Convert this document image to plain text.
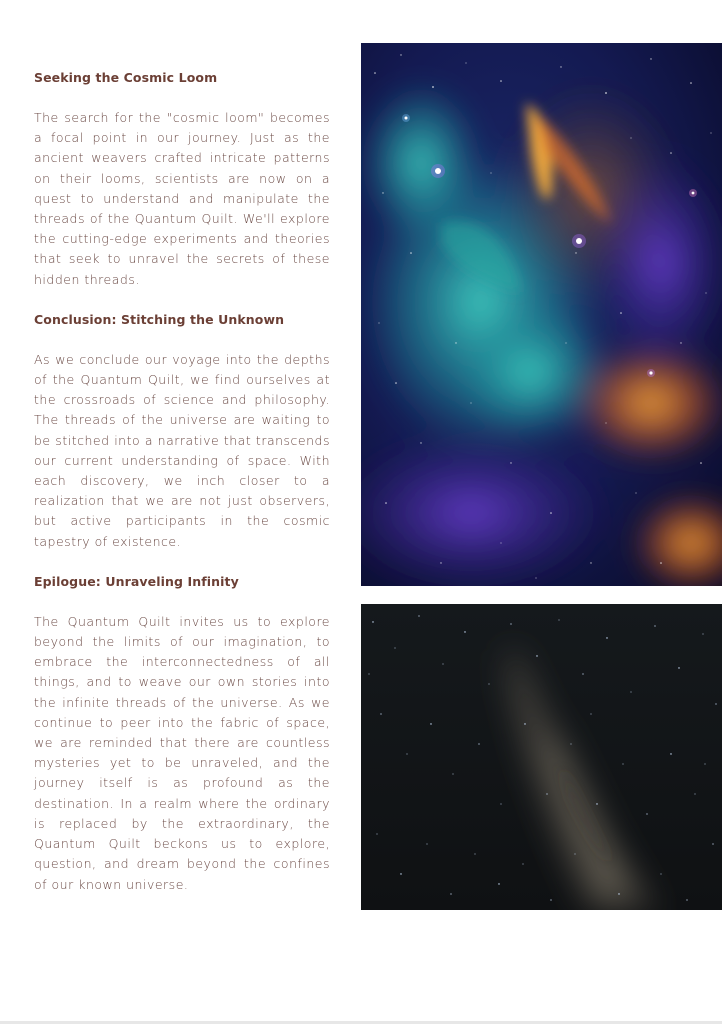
Seeking the Cosmic Loom

The search for the "cosmic loom" becomes a focal point in our journey. Just as the ancient weavers crafted intricate patterns on their looms, scientists are now on a quest to understand and manipulate the threads of the Quantum Quilt. We'll explore the cutting-edge experiments and theories that seek to unravel the secrets of these hidden threads.

Conclusion: Stitching the Unknown

As we conclude our voyage into the depths of the Quantum Quilt, we find ourselves at the crossroads of science and philosophy. The threads of the universe are waiting to be stitched into a narrative that transcends our current understanding of space. With each discovery, we inch closer to a realization that we are not just observers, but active participants in the cosmic tapestry of existence.

Epilogue: Unraveling Infinity

The Quantum Quilt invites us to explore beyond the limits of our imagination, to embrace the interconnectedness of all things, and to weave our own stories into the infinite threads of the universe. As we continue to peer into the fabric of space, we are reminded that there are countless mysteries yet to be unraveled, and the journey itself is as profound as the destination. In a realm where the ordinary is replaced by the extraordinary, the Quantum Quilt beckons us to explore, question, and dream beyond the confines of our known universe.
